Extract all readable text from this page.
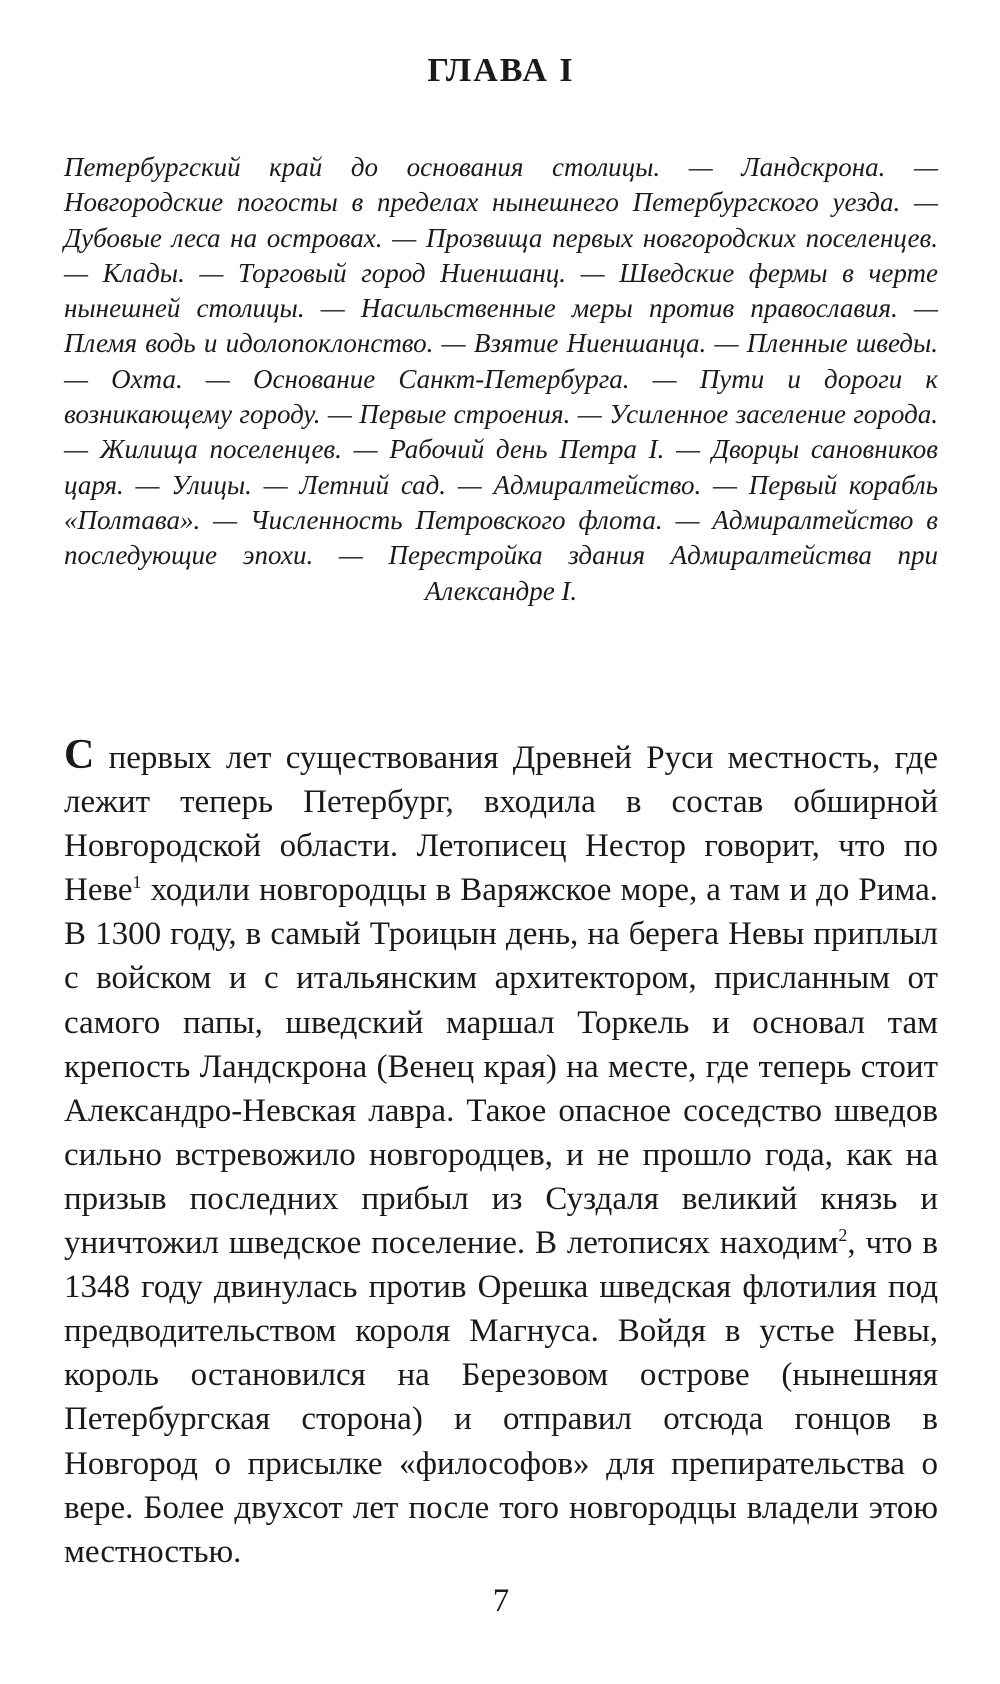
ГЛАВА I

Петербургский край до основания столицы. — Ландскрона. — Новгородские погосты в пределах нынешнего Петербургского уезда. — Дубовые леса на островах. — Прозвища первых новгородских поселенцев. — Клады. — Торговый город Ниеншанц. — Шведские фермы в черте нынешней столицы. — Насильственные меры против православия. — Племя водь и идолопоклонство. — Взятие Ниеншанца. — Пленные шведы. — Охта. — Основание Санкт-Петербурга. — Пути и дороги к возникающему городу. — Первые строения. — Усиленное заселение города. — Жилища поселенцев. — Рабочий день Петра I. — Дворцы сановников царя. — Улицы. — Летний сад. — Адмиралтейство. — Первый корабль «Полтава». — Численность Петровского флота. — Адмиралтейство в последующие эпохи. — Перестройка здания Адмиралтейства при Александре I.

С первых лет существования Древней Руси местность, где лежит теперь Петербург, входила в состав обширной Новгородской области. Летописец Нестор говорит, что по Неве$^1$ ходили новгородцы в Варяжское море, а там и до Рима. В 1300 году, в самый Троицын день, на берега Невы приплыл с войском и с итальянским архитектором, присланным от самого папы, шведский маршал Торкель и основал там крепость Ландскрона (Венец края) на месте, где теперь стоит Александро-Невская лавра. Такое опасное соседство шведов сильно встревожило новгородцев, и не прошло года, как на призыв последних прибыл из Суздаля великий князь и уничтожил шведское поселение. В летописях находим$^2$, что в 1348 году двинулась против Орешка шведская флотилия под предводительством короля Магнуса. Войдя в устье Невы, король остановился на Березовом острове (нынешняя Петербургская сторона) и отправил отсюда гонцов в Новгород о присылке «философов» для препирательства о вере. Более двухсот лет после того новгородцы владели этою местностью.

7
